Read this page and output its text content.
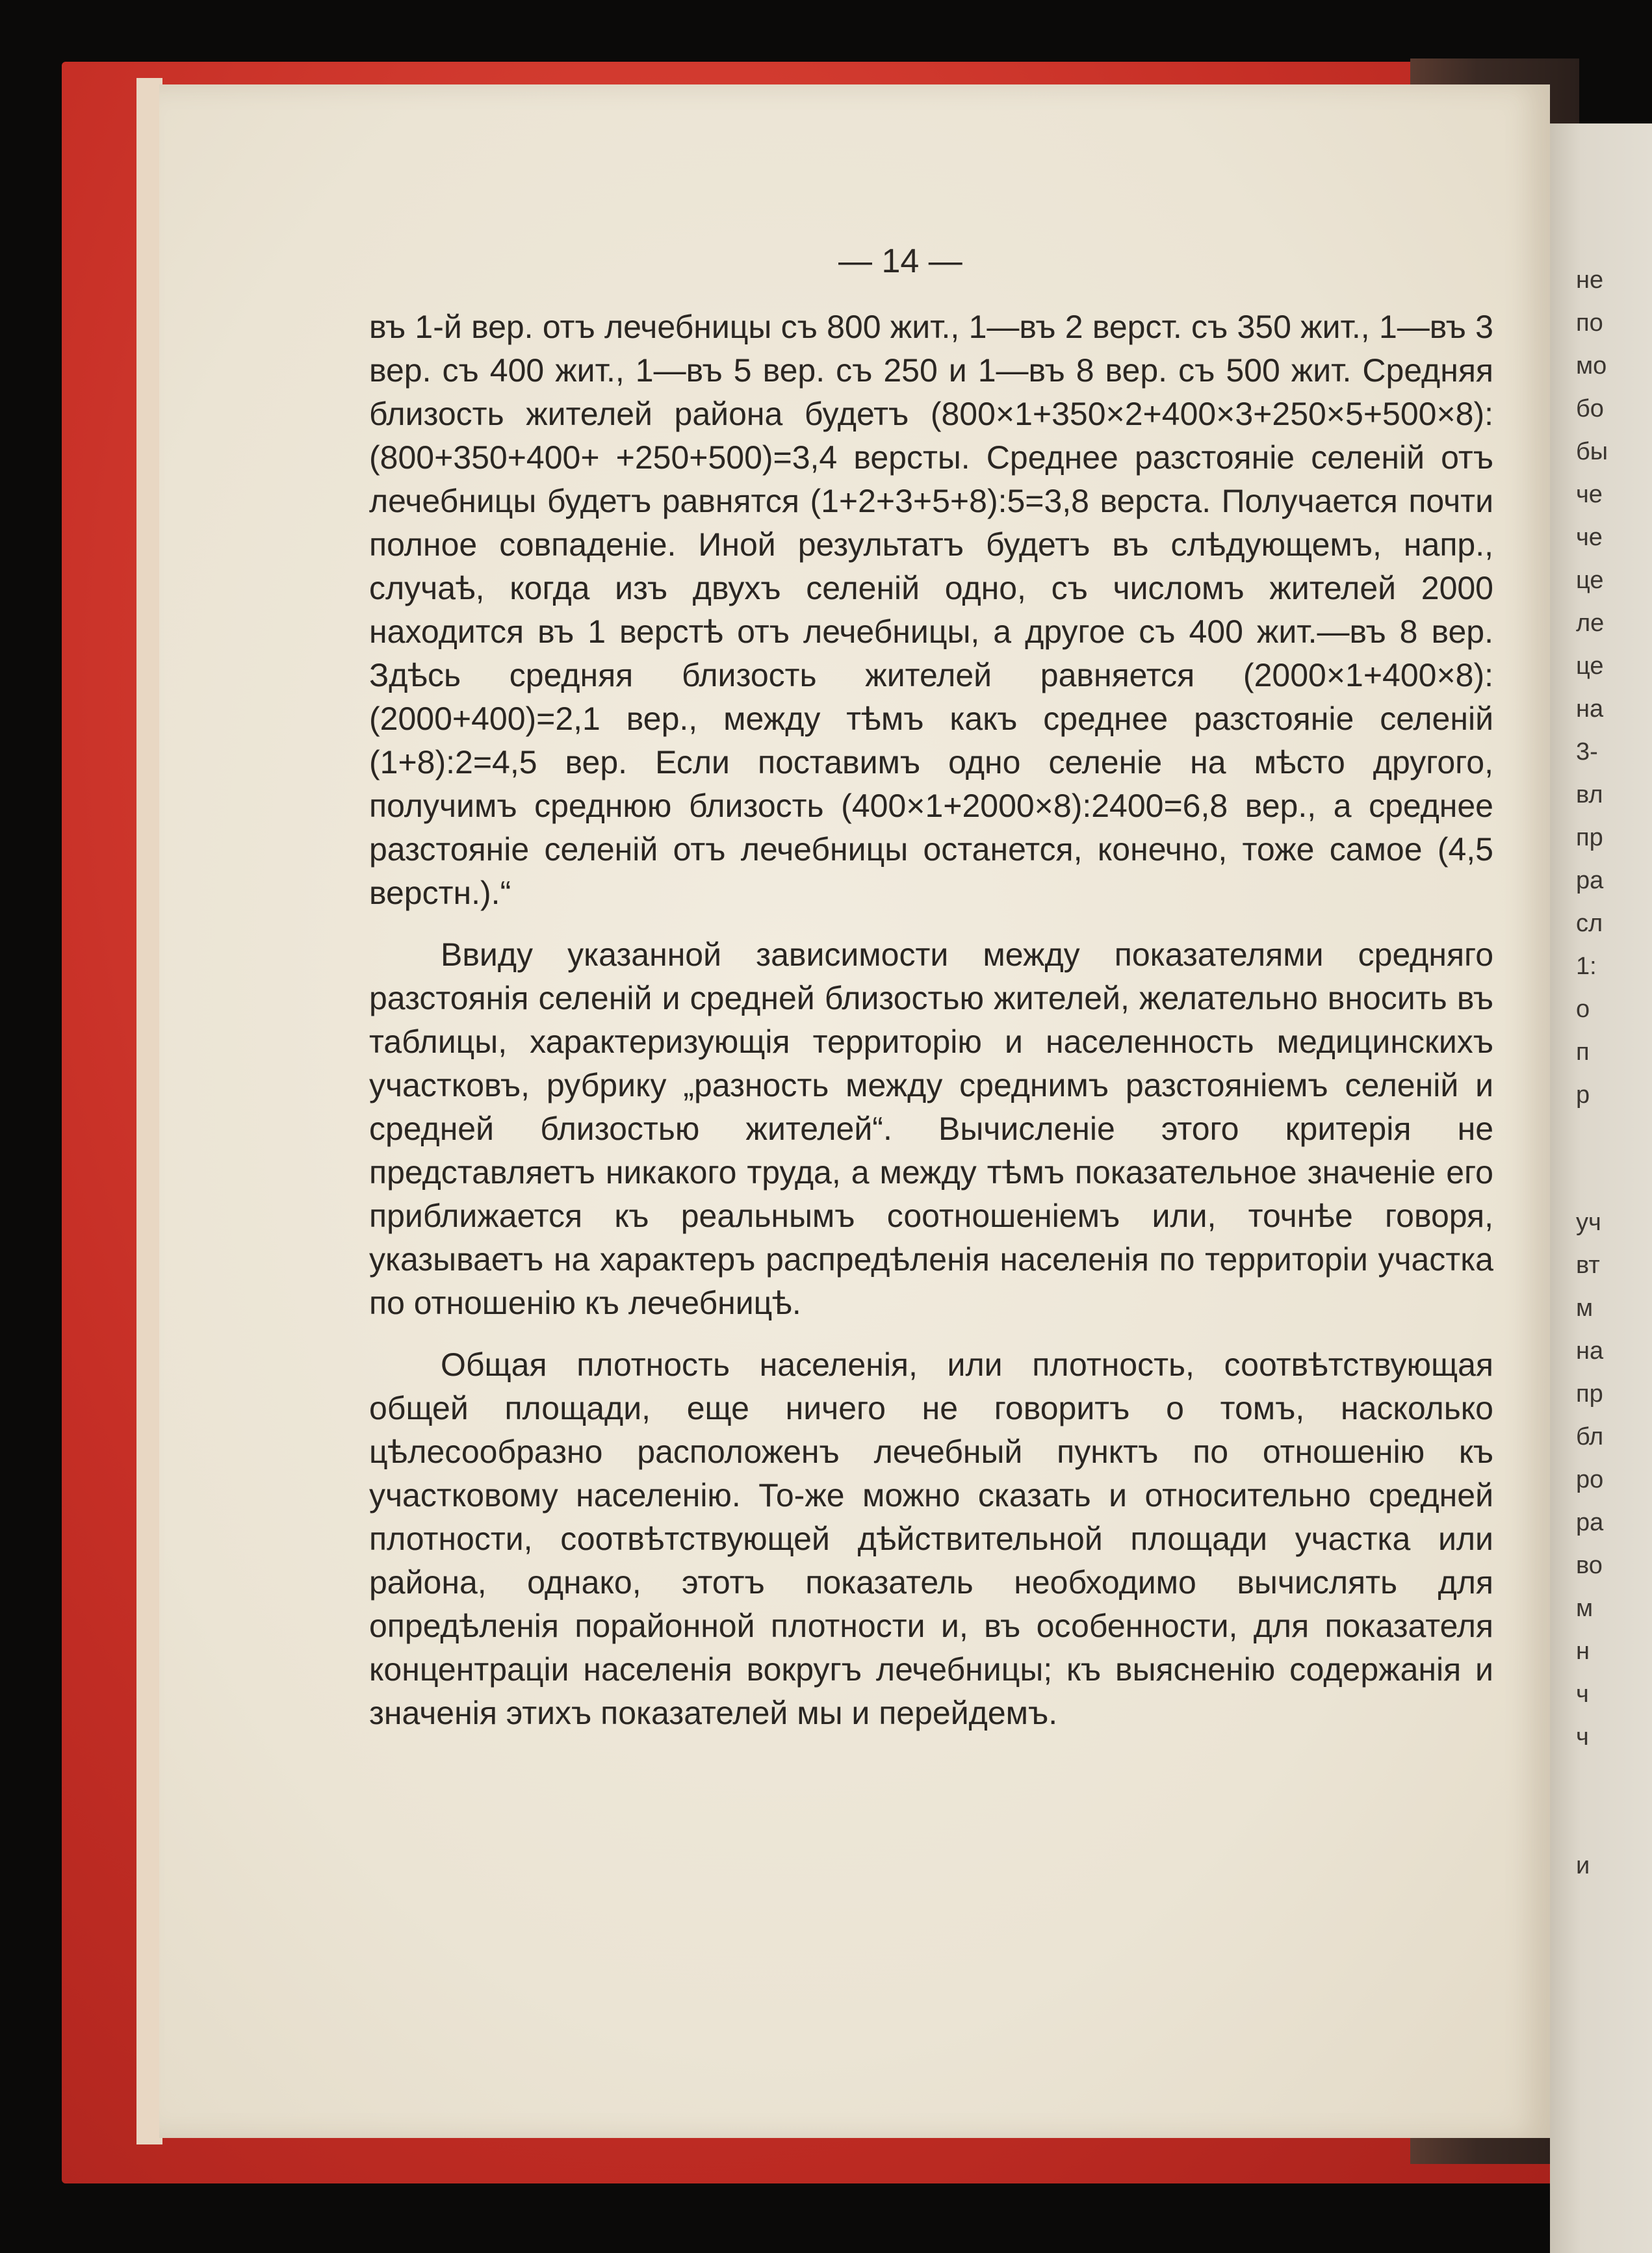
не
по
мо
бо
бы
че
че
це
ле
це
на
3-
вл
пр
ра
сл
1:
о
п
р
уч
вт
м
на
пр
бл
ро
ра
во
м
н
ч
ч
и
— 14 —

въ 1-й вер. отъ лечебницы съ 800 жит., 1—въ 2 верст. съ 350 жит., 1—въ 3 вер. съ 400 жит., 1—въ 5 вер. съ 250 и 1—въ 8 вер. съ 500 жит. Средняя близость жителей района будетъ (800×1+350×2+400×3+250×5+500×8):(800+350+400+ +250+500)=3,4 версты. Среднее разстоянiе селенiй отъ лечебницы будетъ равнятся (1+2+3+5+8):5=3,8 верста. Получается почти полное совпаденiе. Иной результатъ будетъ въ слѣдующемъ, напр., случаѣ, когда изъ двухъ селенiй одно, съ числомъ жителей 2000 находится въ 1 верстѣ отъ лечебницы, а другое съ 400 жит.—въ 8 вер. Здѣсь средняя близость жителей равняется (2000×1+400×8):(2000+400)=2,1 вер., между тѣмъ какъ среднее разстоянiе селенiй (1+8):2=4,5 вер. Если поставимъ одно селенiе на мѣсто другого, получимъ среднюю близость (400×1+2000×8):2400=6,8 вер., а среднее разстоянiе селенiй отъ лечебницы останется, конечно, тоже самое (4,5 верстн.).“

Ввиду указанной зависимости между показателями средняго разстоянiя селенiй и средней близостью жителей, желательно вносить въ таблицы, характеризующiя территорiю и населенность медицинскихъ участковъ, рубрику „разность между среднимъ разстоянiемъ селенiй и средней близостью жителей“. Вычисленiе этого критерiя не представляетъ никакого труда, а между тѣмъ показательное значенiе его приближается къ реальнымъ соотношенiемъ или, точнѣе говоря, указываетъ на характеръ распредѣленiя населенiя по территорiи участка по отношенiю къ лечебницѣ.

Общая плотность населенiя, или плотность, соотвѣтствующая общей площади, еще ничего не говоритъ о томъ, насколько цѣлесообразно расположенъ лечебный пунктъ по отношенiю къ участковому населенiю. То-же можно сказать и относительно средней плотности, соотвѣтствующей дѣйствительной площади участка или района, однако, этотъ показатель необходимо вычислять для опредѣленiя порайонной плотности и, въ особенности, для показателя концентрацiи населенiя вокругъ лечебницы; къ выясненiю содержанiя и значенiя этихъ показателей мы и перейдемъ.
